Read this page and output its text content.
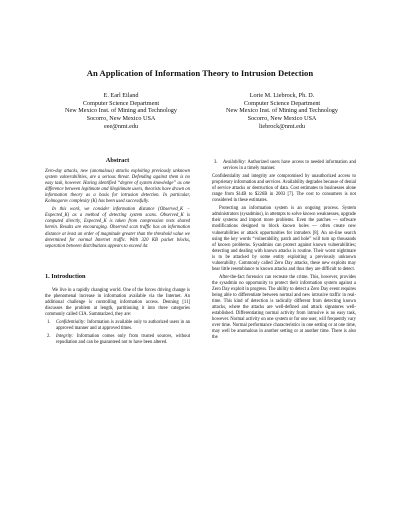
An Application of Information Theory to Intrusion Detection
E. Earl Eiland
Computer Science Department
New Mexico Inst. of Mining and Technology
Socorro, New Mexico USA
eee@nmt.edu
Lorie M. Liebrock, Ph. D.
Computer Science Department
New Mexico Inst. of Mining and Technology
Socorro, New Mexico USA
liebrock@nmt.edu
Abstract

Zero-day attacks, new (anomalous) attacks exploiting previously unknown system vulnerabilities, are a serious threat. Defending against them is no easy task, however. Having identified “degree of system knowledge” as one difference between legitimate and illegitimate users, theorists have drawn on information theory as a basis for intrusion detection. In particular, Kolmogorov complexity (K) has been used successfully.

In this work, we consider information distance (Observed_K − Expected_K) as a method of detecting system scans. Observed_K is computed directly, Expected_K is taken from compression tests shared herein. Results are encouraging. Observed scan traffic has an information distance at least an order of magnitude greater than the threshold value we determined for normal Internet traffic. With 320 KB packet blocks, separation between distributions appears to exceed 4σ.

1. Introduction

We live in a rapidly changing world. One of the forces driving change is the phenomenal increase in information available via the Internet. An additional challenge is controlling information access. Denning [11] discusses the problem at length, partitioning it into three categories commonly called CIA. Summarized, they are:

1. Confidentiality: Information is available only to authorized users in an approved manner and at approved times.
2. Integrity: Information comes only from trusted sources, without repudiation and can be guaranteed not to have been altered.
3. Availability: Authorized users have access to needed information and services in a timely manner.

Confidentiality and integrity are compromised by unauthorized access to proprietary information and services. Availability degrades because of denial of service attacks or destruction of data. Cost estimates to businesses alone range from $14B to $226B in 2003 [7]. The cost to consumers is not considered in these estimates.

Protecting an information system is an ongoing process. System administrators (sysadmins), in attempts to solve known weaknesses, upgrade their systems and import more problems. Even the patches — software modifications designed to block known holes — often create new vulnerabilities or attack opportunities for intruders [8]. An on-line search using the key words “vulnerability, patch and hole” will turn up thousands of known problems. Sysadmins can protect against known vulnerabilities; detecting and dealing with known attacks is routine. Their worst nightmare is to be attacked by some entity exploiting a previously unknown vulnerability. Commonly called Zero Day attacks, these new exploits may bear little resemblance to known attacks and thus they are difficult to detect.

After-the-fact forensics can recreate the crime. This, however, provides the sysadmin no opportunity to protect their information system against a Zero Day exploit in progress. The ability to detect a Zero Day event requires being able to differentiate between normal and new intrusive traffic in real-time. This kind of detection is radically different from detecting known attacks, where the attacks are well-defined and attack signatures well-established. Differentiating normal activity from intrusive is no easy task, however. Normal activity on one system or for one user, will frequently vary over time. Normal performance characteristics in one setting or at one time, may well be anomalous in another setting or at another time. There is also the
